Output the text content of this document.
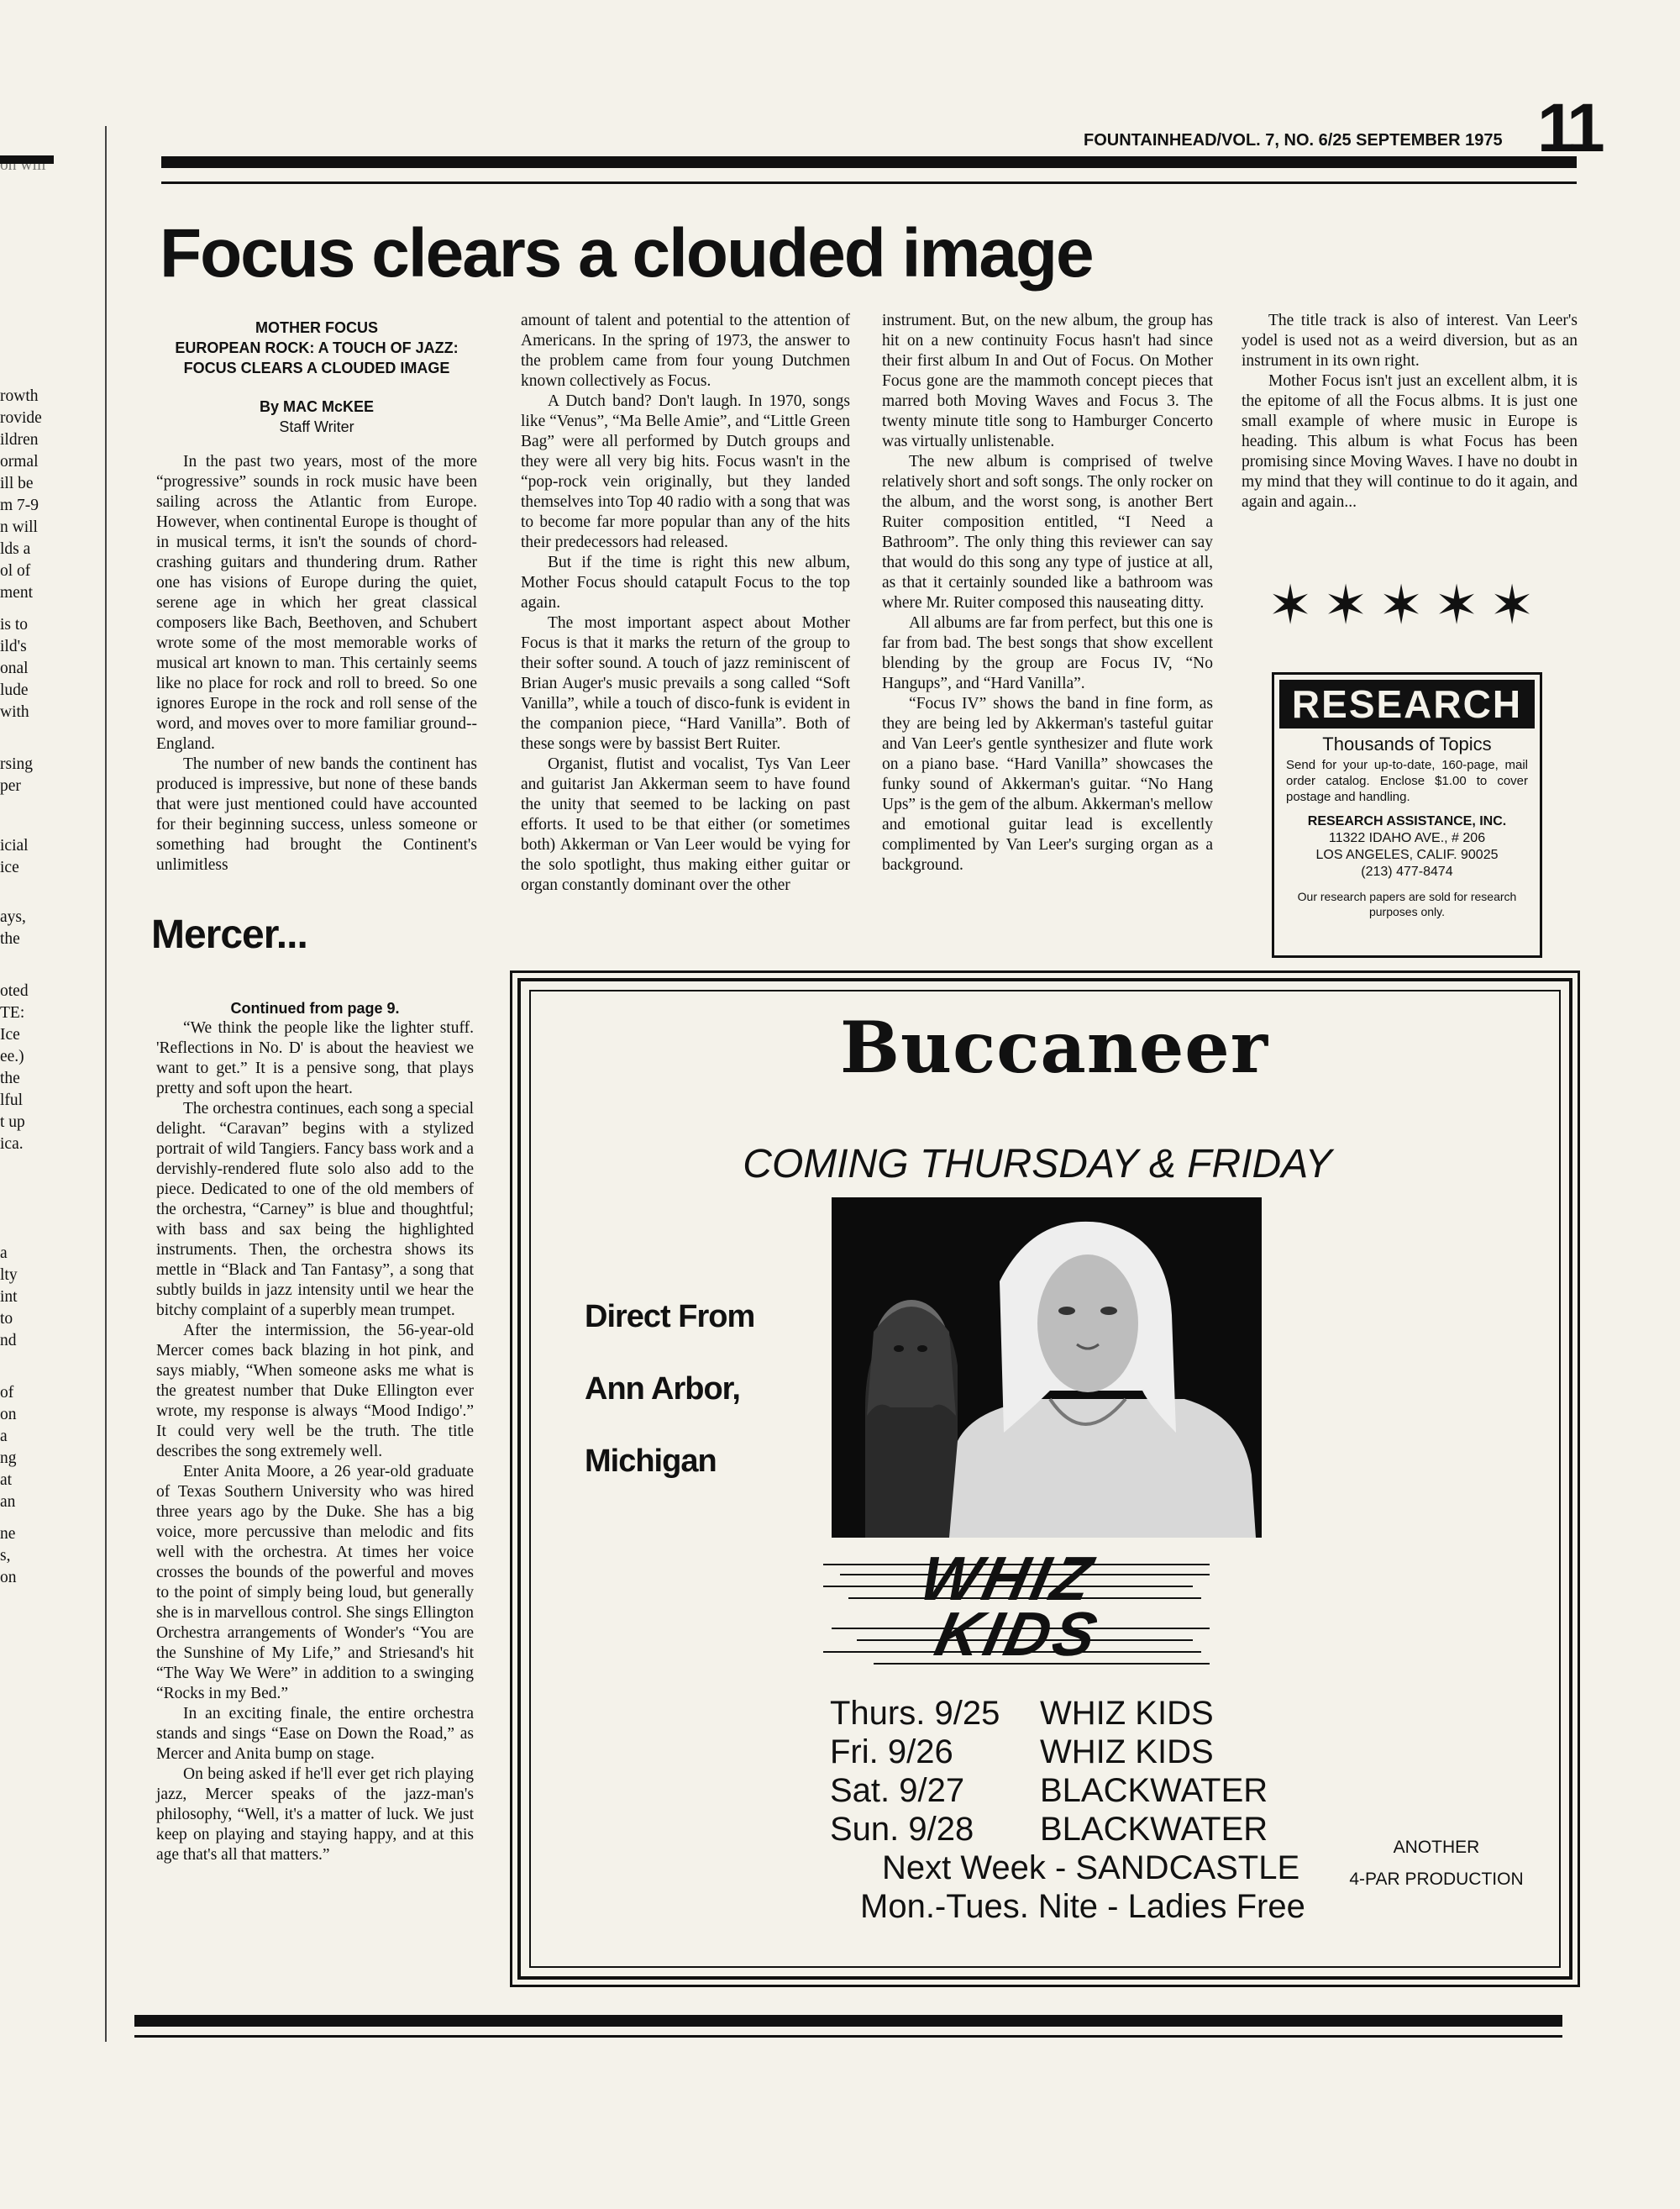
on will
rowth
rovide
ildren
ormal
ill be
m 7-9
n will
lds a
ol of
ment
is to
ild's
onal
lude
with
rsing
per
icial
ice
ays,
the
oted
TE:
Ice
ee.)
the
lful
t up
ica.
a
lty
int
to
nd
of
on
a
ng
at
an
ne
s,
on
FOUNTAINHEAD/VOL. 7, NO. 6/25 SEPTEMBER 1975 11
Focus clears a clouded image
MOTHER FOCUS
EUROPEAN ROCK: A TOUCH OF JAZZ:
FOCUS CLEARS A CLOUDED IMAGE
By MAC McKEE
Staff Writer

In the past two years, most of the more “progressive” sounds in rock music have been sailing across the Atlantic from Europe. However, when continental Europe is thought of in musical terms, it isn't the sounds of chord-crashing guitars and thundering drum. Rather one has visions of Europe during the quiet, serene age in which her great classical composers like Bach, Beethoven, and Schubert wrote some of the most memorable works of musical art known to man. This certainly seems like no place for rock and roll to breed. So one ignores Europe in the rock and roll sense of the word, and moves over to more familiar ground--England.

The number of new bands the continent has produced is impressive, but none of these bands that were just mentioned could have accounted for their beginning success, unless someone or something had brought the Continent's unlimitless

amount of talent and potential to the attention of Americans. In the spring of 1973, the answer to the problem came from four young Dutchmen known collectively as Focus.

A Dutch band? Don't laugh. In 1970, songs like “Venus”, “Ma Belle Amie”, and “Little Green Bag” were all performed by Dutch groups and they were all very big hits. Focus wasn't in the “pop-rock vein originally, but they landed themselves into Top 40 radio with a song that was to become far more popular than any of the hits their predecessors had released.

But if the time is right this new album, Mother Focus should catapult Focus to the top again.

The most important aspect about Mother Focus is that it marks the return of the group to their softer sound. A touch of jazz reminiscent of Brian Auger's music prevails a song called “Soft Vanilla”, while a touch of disco-funk is evident in the companion piece, “Hard Vanilla”. Both of these songs were by bassist Bert Ruiter.

Organist, flutist and vocalist, Tys Van Leer and guitarist Jan Akkerman seem to have found the unity that seemed to be lacking on past efforts. It used to be that either (or sometimes both) Akkerman or Van Leer would be vying for the solo spotlight, thus making either guitar or organ constantly dominant over the other

instrument. But, on the new album, the group has hit on a new continuity Focus hasn't had since their first album In and Out of Focus. On Mother Focus gone are the mammoth concept pieces that marred both Moving Waves and Focus 3. The twenty minute title song to Hamburger Concerto was virtually unlistenable.

The new album is comprised of twelve relatively short and soft songs. The only rocker on the album, and the worst song, is another Bert Ruiter composition entitled, “I Need a Bathroom”. The only thing this reviewer can say that would do this song any type of justice at all, as that it certainly sounded like a bathroom was where Mr. Ruiter composed this nauseating ditty.

All albums are far from perfect, but this one is far from bad. The best songs that show excellent blending by the group are Focus IV, “No Hangups”, and “Hard Vanilla”.

“Focus IV” shows the band in fine form, as they are being led by Akkerman's tasteful guitar and Van Leer's gentle synthesizer and flute work on a piano base. “Hard Vanilla” showcases the funky sound of Akkerman's guitar. “No Hang Ups” is the gem of the album. Akkerman's mellow and emotional guitar lead is excellently complimented by Van Leer's surging organ as a background.

The title track is also of interest. Van Leer's yodel is used not as a weird diversion, but as an instrument in its own right.

Mother Focus isn't just an excellent albm, it is the epitome of all the Focus albms. It is just one small example of where music in Europe is heading. This album is what Focus has been promising since Moving Waves. I have no doubt in my mind that they will continue to do it again, and again and again...

✶ ✶ ✶ ✶ ✶
RESEARCH
Thousands of Topics
Send for your up-to-date, 160-page, mail order catalog. Enclose $1.00 to cover postage and handling.
RESEARCH ASSISTANCE, INC.
11322 IDAHO AVE., # 206
LOS ANGELES, CALIF. 90025
(213) 477-8474
Our research papers are sold for research purposes only.
Mercer...
Continued from page 9.

“We think the people like the lighter stuff. 'Reflections in No. D' is about the heaviest we want to get.” It is a pensive song, that plays pretty and soft upon the heart.

The orchestra continues, each song a special delight. “Caravan” begins with a stylized portrait of wild Tangiers. Fancy bass work and a dervishly-rendered flute solo also add to the piece. Dedicated to one of the old members of the orchestra, “Carney” is blue and thoughtful; with bass and sax being the highlighted instruments. Then, the orchestra shows its mettle in “Black and Tan Fantasy”, a song that subtly builds in jazz intensity until we hear the bitchy complaint of a superbly mean trumpet.

After the intermission, the 56-year-old Mercer comes back blazing in hot pink, and says miably, “When someone asks me what is the greatest number that Duke Ellington ever wrote, my response is always “Mood Indigo'.” It could very well be the truth. The title describes the song extremely well.

Enter Anita Moore, a 26 year-old graduate of Texas Southern University who was hired three years ago by the Duke. She has a big voice, more percussive than melodic and fits well with the orchestra. At times her voice crosses the bounds of the powerful and moves to the point of simply being loud, but generally she is in marvellous control. She sings Ellington Orchestra arrangements of Wonder's “You are the Sunshine of My Life,” and Striesand's hit “The Way We Were” in addition to a swinging “Rocks in my Bed.”

In an exciting finale, the entire orchestra stands and sings “Ease on Down the Road,” as Mercer and Anita bump on stage.

On being asked if he'll ever get rich playing jazz, Mercer speaks of the jazz-man's philosophy, “Well, it's a matter of luck. We just keep on playing and staying happy, and at this age that's all that matters.”

Buccaneer
COMING THURSDAY & FRIDAY
Direct From
Ann Arbor,
Michigan
WHIZ
KIDS
Thurs. 9/25 WHIZ KIDS
Fri. 9/26	WHIZ KIDS
Sat. 9/27 BLACKWATER
Sun. 9/28 BLACKWATER
Next Week - SANDCASTLE
Mon.-Tues. Nite - Ladies Free
ANOTHER
4-PAR PRODUCTION
